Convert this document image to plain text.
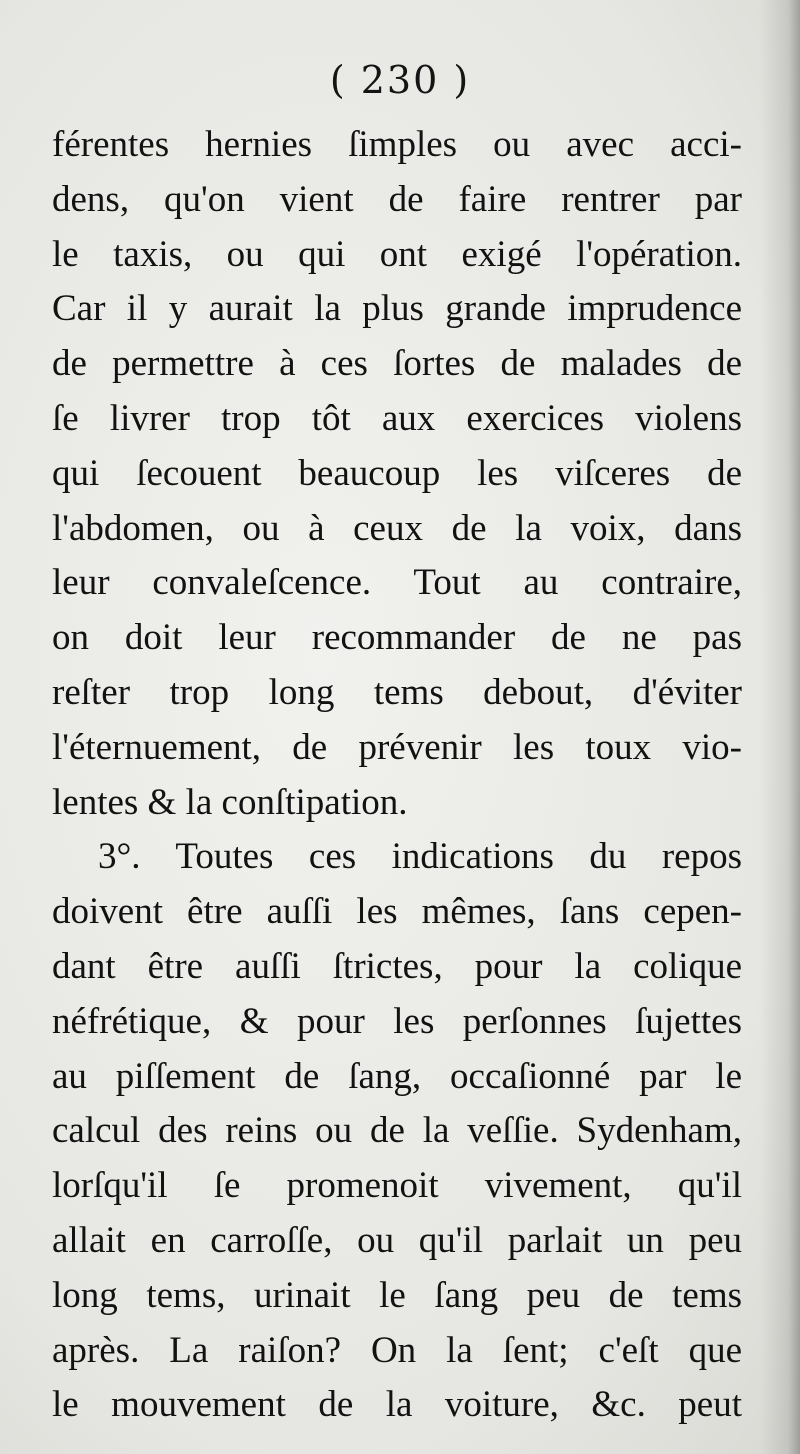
( 230 )
férentes hernies ſimples ou avec acci-
dens, qu'on vient de faire rentrer par
le taxis, ou qui ont exigé l'opération.
Car il y aurait la plus grande imprudence
de permettre à ces ſortes de malades de
ſe livrer trop tôt aux exercices violens
qui ſecouent beaucoup les viſceres de
l'abdomen, ou à ceux de la voix, dans
leur convaleſcence. Tout au contraire,
on doit leur recommander de ne pas
reſter trop long tems debout, d'éviter
l'éternuement, de prévenir les toux vio-
lentes & la conſtipation.
3°. Toutes ces indications du repos
doivent être auſſi les mêmes, ſans cepen-
dant être auſſi ſtrictes, pour la colique
néfrétique, & pour les perſonnes ſujettes
au piſſement de ſang, occaſionné par le
calcul des reins ou de la veſſie. Sydenham,
lorſqu'il ſe promenoit vivement, qu'il
allait en carroſſe, ou qu'il parlait un peu
long tems, urinait le ſang peu de tems
après. La raiſon? On la ſent; c'eſt que
le mouvement de la voiture, &c. peut
